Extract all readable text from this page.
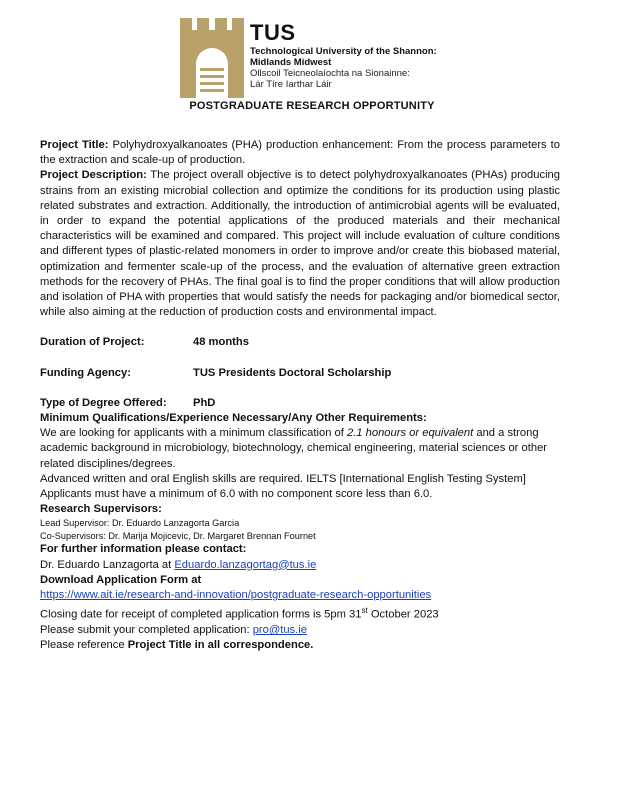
TUS
Technological University of the Shannon:
Midlands Midwest
Ollscoil Teicneolaíochta na Sionainne:
Lár Tíre Iarthar Láir
POSTGRADUATE RESEARCH OPPORTUNITY

Project Title: Polyhydroxyalkanoates (PHA) production enhancement: From the process parameters to the extraction and scale-up of production.

Project Description: The project overall objective is to detect polyhydroxyalkanoates (PHAs) producing strains from an existing microbial collection and optimize the conditions for its production using plastic related substrates and extraction. Additionally, the introduction of antimicrobial agents will be evaluated, in order to expand the potential applications of the produced materials and their mechanical characteristics will be examined and compared. This project will include evaluation of culture conditions and different types of plastic-related monomers in order to improve and/or create this biobased material, optimization and fermenter scale-up of the process, and the evaluation of alternative green extraction methods for the recovery of PHAs. The final goal is to find the proper conditions that will allow production and isolation of PHA with properties that would satisfy the needs for packaging and/or biomedical sector, while also aiming at the reduction of production costs and environmental impact.

Duration of Project:	48 months
Funding Agency:	TUS Presidents Doctoral Scholarship
Type of Degree Offered:	PhD

Minimum Qualifications/Experience Necessary/Any Other Requirements:

We are looking for applicants with a minimum classification of 2.1 honours or equivalent and a strong academic background in microbiology, biotechnology, chemical engineering, material sciences or other related disciplines/degrees.

Advanced written and oral English skills are required. IELTS [International English Testing System] Applicants must have a minimum of 6.0 with no component score less than 6.0.

Research Supervisors:

Lead Supervisor: Dr. Eduardo Lanzagorta Garcia

Co-Supervisors: Dr. Marija Mojicevic, Dr. Margaret Brennan Fournet

For further information please contact:

Dr. Eduardo Lanzagorta at Eduardo.lanzagortag@tus.ie

Download Application Form at

https://www.ait.ie/research-and-innovation/postgraduate-research-opportunities

Closing date for receipt of completed application forms is 5pm 31st October 2023

Please submit your completed application: pro@tus.ie

Please reference Project Title in all correspondence.
